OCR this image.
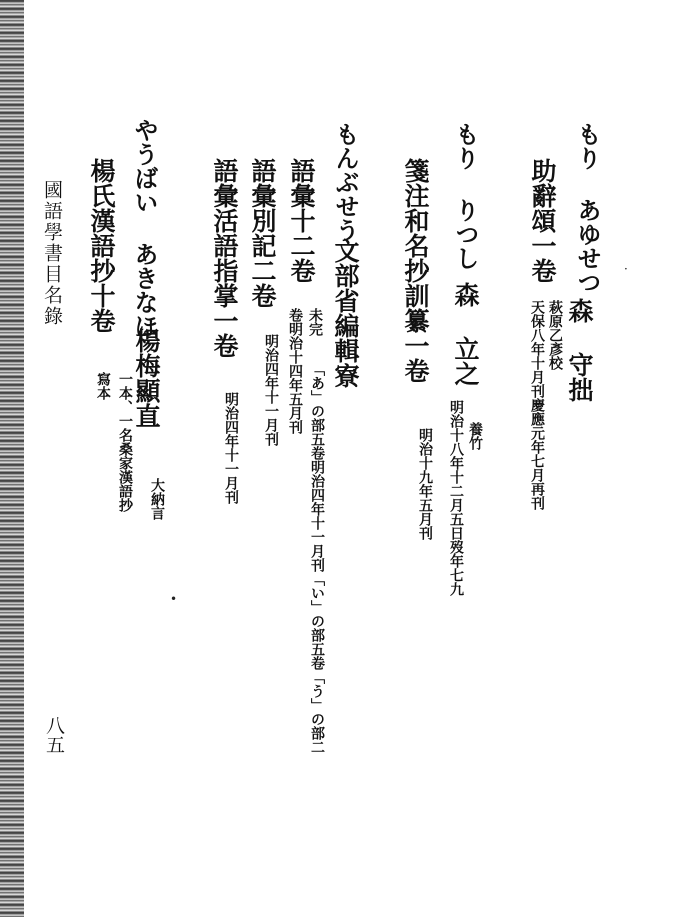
國語學書目名錄
八五
もり あゆせつ
助辭頌一卷
森 守拙
萩原乙彥校
天保八年十月刊慶應元年七月再刊
もり りつし
森 立之
養竹
明治十八年十二月五日歿年七九
箋注和名抄訓纂一卷
明治十九年五月刊
もんぶせう
文部省編輯寮
語彙十二卷
未完
「あ」の部五卷明治四年十一月刊「い」の部五卷「う」の部二
卷明治十四年五月刊
語彙別記二卷
明治四年十一月刊
語彙活語指掌一卷
明治四年十一月刊
やうばい あきなほ
楊梅顯直
大納言
一本、一名桑家漢語抄
楊氏漢語抄十卷
寫本
•
·
